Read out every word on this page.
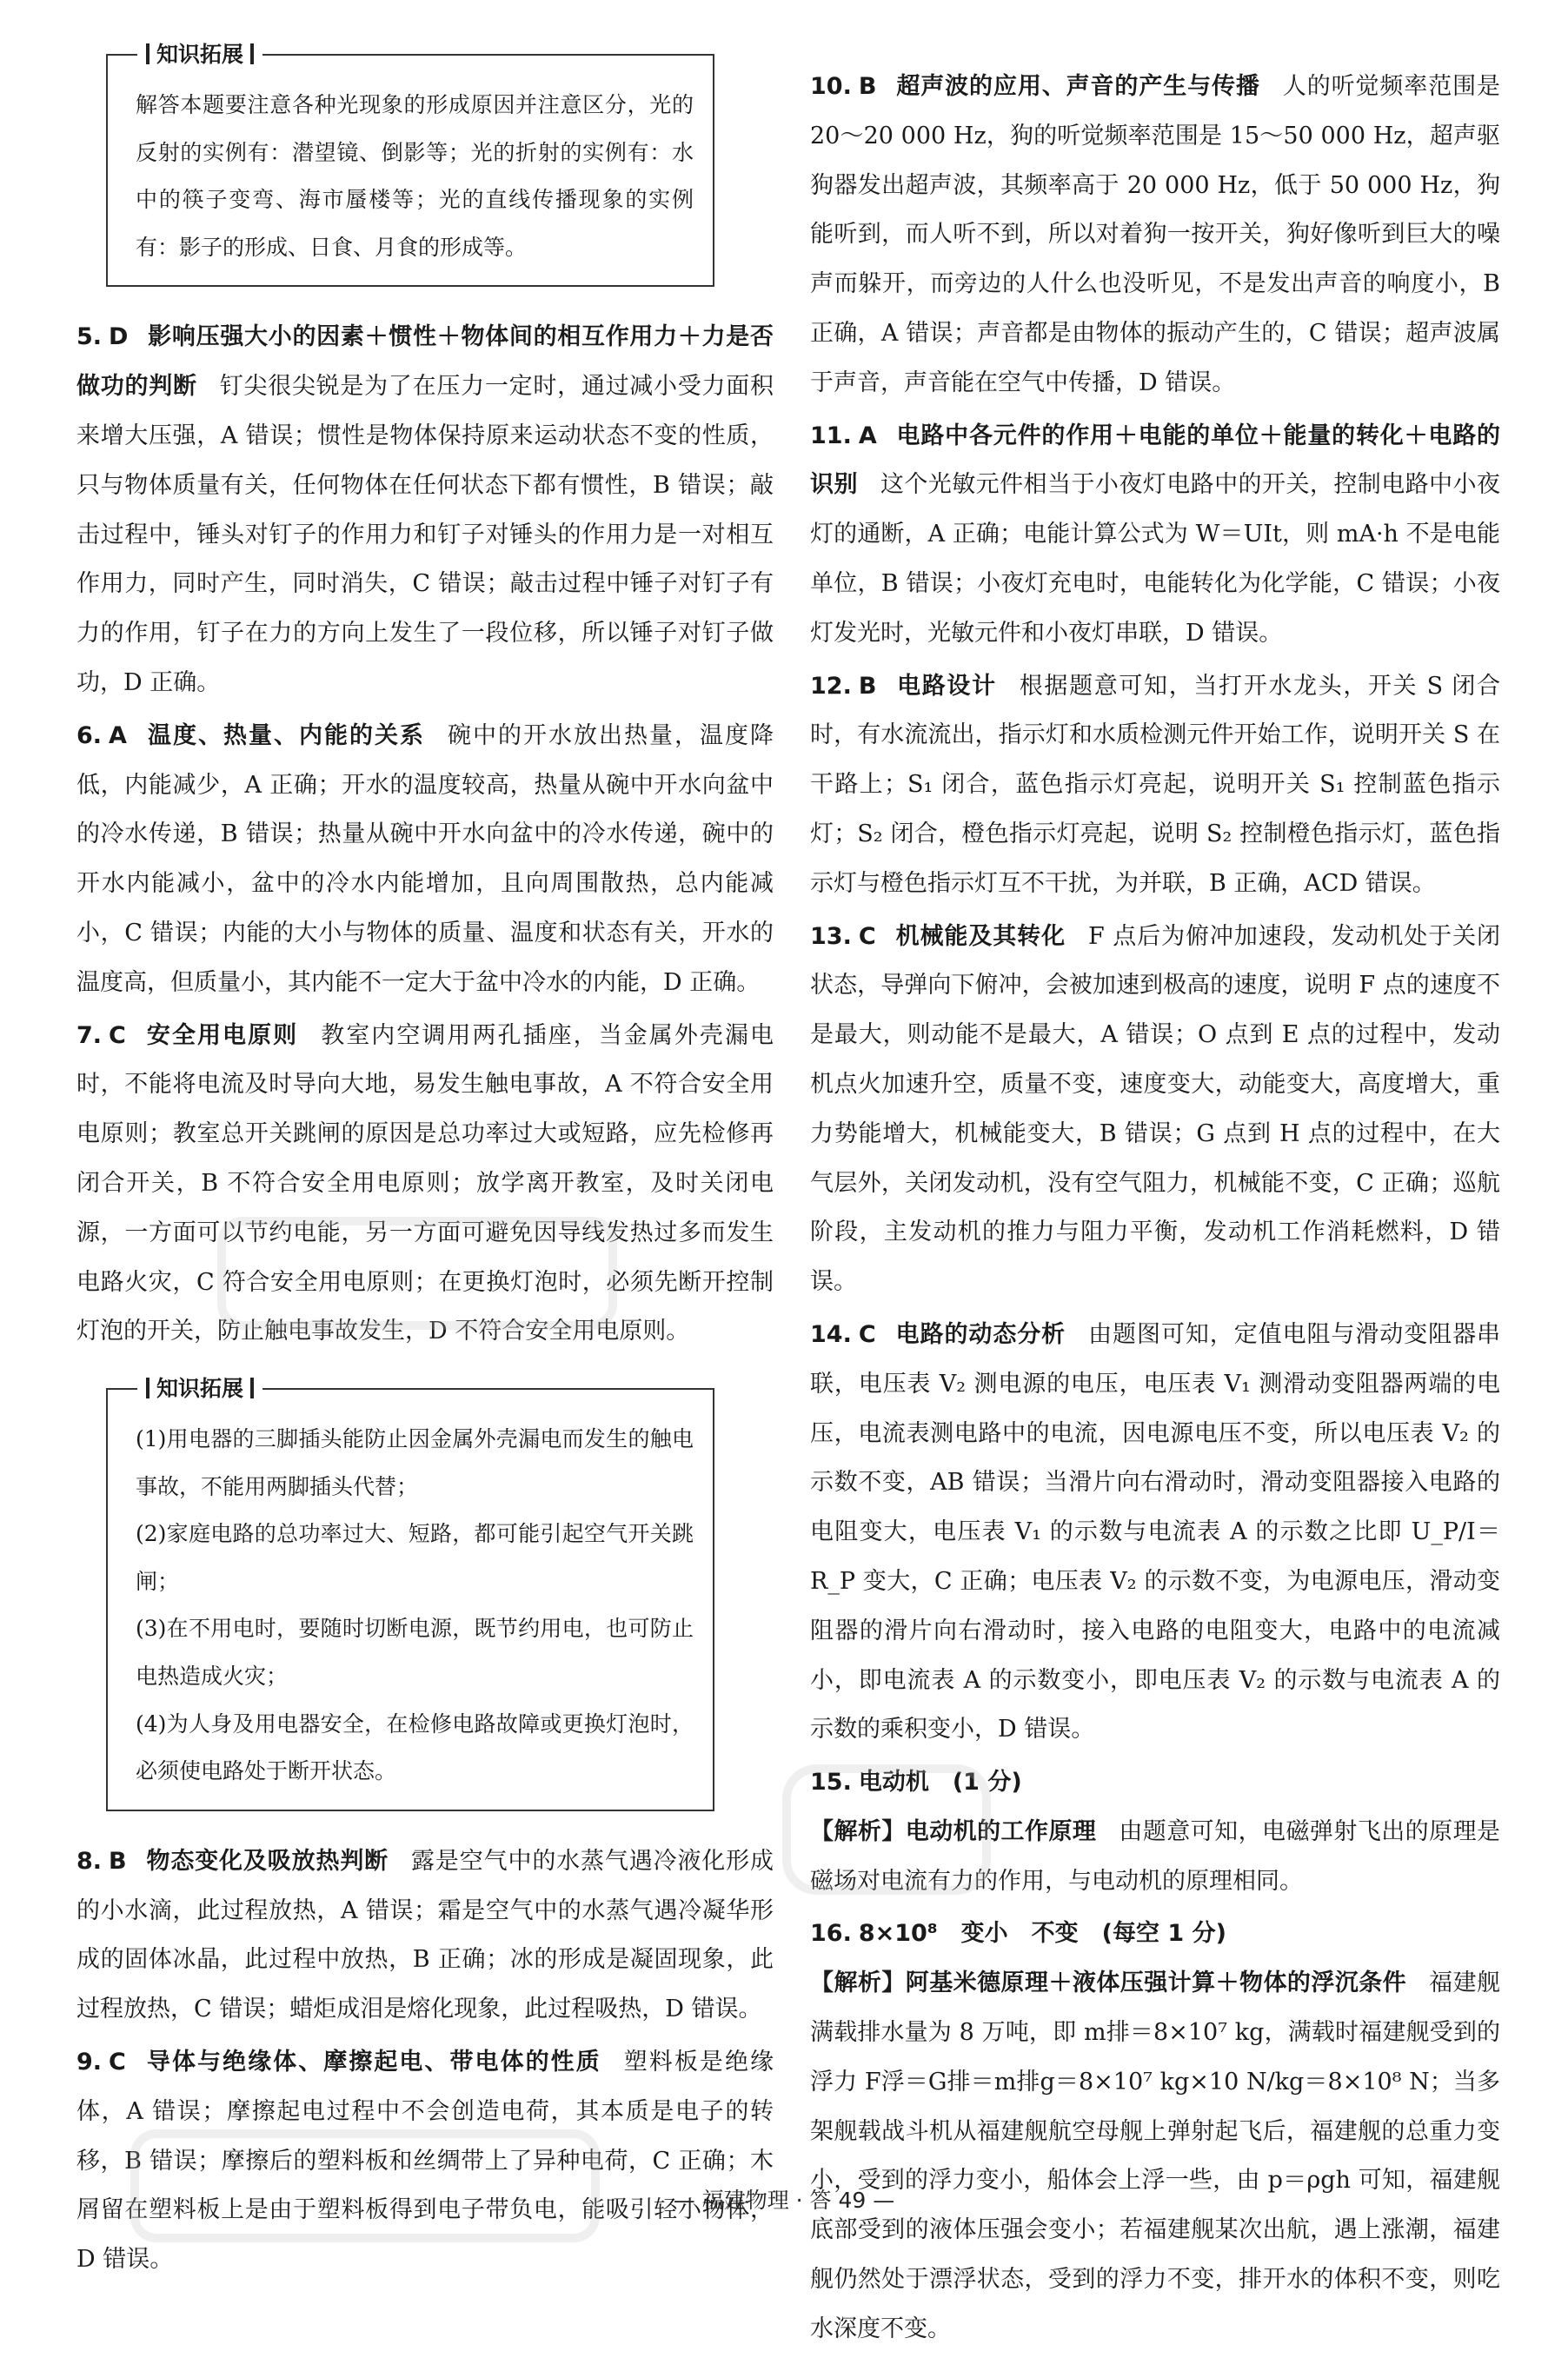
知识拓展

解答本题要注意各种光现象的形成原因并注意区分，光的反射的实例有：潜望镜、倒影等；光的折射的实例有：水中的筷子变弯、海市蜃楼等；光的直线传播现象的实例有：影子的形成、日食、月食的形成等。

5. D 影响压强大小的因素＋惯性＋物体间的相互作用力＋力是否做功的判断 钉尖很尖锐是为了在压力一定时，通过减小受力面积来增大压强，A 错误；惯性是物体保持原来运动状态不变的性质，只与物体质量有关，任何物体在任何状态下都有惯性，B 错误；敲击过程中，锤头对钉子的作用力和钉子对锤头的作用力是一对相互作用力，同时产生，同时消失，C 错误；敲击过程中锤子对钉子有力的作用，钉子在力的方向上发生了一段位移，所以锤子对钉子做功，D 正确。
6. A 温度、热量、内能的关系 碗中的开水放出热量，温度降低，内能减少，A 正确；开水的温度较高，热量从碗中开水向盆中的冷水传递，B 错误；热量从碗中开水向盆中的冷水传递，碗中的开水内能减小，盆中的冷水内能增加，且向周围散热，总内能减小，C 错误；内能的大小与物体的质量、温度和状态有关，开水的温度高，但质量小，其内能不一定大于盆中冷水的内能，D 正确。
7. C 安全用电原则 教室内空调用两孔插座，当金属外壳漏电时，不能将电流及时导向大地，易发生触电事故，A 不符合安全用电原则；教室总开关跳闸的原因是总功率过大或短路，应先检修再闭合开关，B 不符合安全用电原则；放学离开教室，及时关闭电源，一方面可以节约电能，另一方面可避免因导线发热过多而发生电路火灾，C 符合安全用电原则；在更换灯泡时，必须先断开控制灯泡的开关，防止触电事故发生，D 不符合安全用电原则。
知识拓展

(1)用电器的三脚插头能防止因金属外壳漏电而发生的触电事故，不能用两脚插头代替；

(2)家庭电路的总功率过大、短路，都可能引起空气开关跳闸；

(3)在不用电时，要随时切断电源，既节约用电，也可防止电热造成火灾；

(4)为人身及用电器安全，在检修电路故障或更换灯泡时，必须使电路处于断开状态。

8. B 物态变化及吸放热判断 露是空气中的水蒸气遇冷液化形成的小水滴，此过程放热，A 错误；霜是空气中的水蒸气遇冷凝华形成的固体冰晶，此过程中放热，B 正确；冰的形成是凝固现象，此过程放热，C 错误；蜡炬成泪是熔化现象，此过程吸热，D 错误。
9. C 导体与绝缘体、摩擦起电、带电体的性质 塑料板是绝缘体，A 错误；摩擦起电过程中不会创造电荷，其本质是电子的转移，B 错误；摩擦后的塑料板和丝绸带上了异种电荷，C 正确；木屑留在塑料板上是由于塑料板得到电子带负电，能吸引轻小物体，D 错误。
10. B 超声波的应用、声音的产生与传播 人的听觉频率范围是 20～20 000 Hz，狗的听觉频率范围是 15～50 000 Hz，超声驱狗器发出超声波，其频率高于 20 000 Hz，低于 50 000 Hz，狗能听到，而人听不到，所以对着狗一按开关，狗好像听到巨大的噪声而躲开，而旁边的人什么也没听见，不是发出声音的响度小，B 正确，A 错误；声音都是由物体的振动产生的，C 错误；超声波属于声音，声音能在空气中传播，D 错误。
11. A 电路中各元件的作用＋电能的单位＋能量的转化＋电路的识别 这个光敏元件相当于小夜灯电路中的开关，控制电路中小夜灯的通断，A 正确；电能计算公式为 W＝UIt，则 mA·h 不是电能单位，B 错误；小夜灯充电时，电能转化为化学能，C 错误；小夜灯发光时，光敏元件和小夜灯串联，D 错误。
12. B 电路设计 根据题意可知，当打开水龙头，开关 S 闭合时，有水流流出，指示灯和水质检测元件开始工作，说明开关 S 在干路上；S₁ 闭合，蓝色指示灯亮起，说明开关 S₁ 控制蓝色指示灯；S₂ 闭合，橙色指示灯亮起，说明 S₂ 控制橙色指示灯，蓝色指示灯与橙色指示灯互不干扰，为并联，B 正确，ACD 错误。
13. C 机械能及其转化 F 点后为俯冲加速段，发动机处于关闭状态，导弹向下俯冲，会被加速到极高的速度，说明 F 点的速度不是最大，则动能不是最大，A 错误；O 点到 E 点的过程中，发动机点火加速升空，质量不变，速度变大，动能变大，高度增大，重力势能增大，机械能变大，B 错误；G 点到 H 点的过程中，在大气层外，关闭发动机，没有空气阻力，机械能不变，C 正确；巡航阶段，主发动机的推力与阻力平衡，发动机工作消耗燃料，D 错误。
14. C 电路的动态分析 由题图可知，定值电阻与滑动变阻器串联，电压表 V₂ 测电源的电压，电压表 V₁ 测滑动变阻器两端的电压，电流表测电路中的电流，因电源电压不变，所以电压表 V₂ 的示数不变，AB 错误；当滑片向右滑动时，滑动变阻器接入电路的电阻变大，电压表 V₁ 的示数与电流表 A 的示数之比即 U_P/I＝R_P 变大，C 正确；电压表 V₂ 的示数不变，为电源电压，滑动变阻器的滑片向右滑动时，接入电路的电阻变大，电路中的电流减小，即电流表 A 的示数变小，即电压表 V₂ 的示数与电流表 A 的示数的乘积变小，D 错误。
15. 电动机　(1 分)
【解析】电动机的工作原理 由题意可知，电磁弹射飞出的原理是磁场对电流有力的作用，与电动机的原理相同。
16. 8×10⁸　变小　不变　(每空 1 分)
【解析】阿基米德原理＋液体压强计算＋物体的浮沉条件 福建舰满载排水量为 8 万吨，即 m排＝8×10⁷ kg，满载时福建舰受到的浮力 F浮＝G排＝m排g＝8×10⁷ kg×10 N/kg＝8×10⁸ N；当多架舰载战斗机从福建舰航空母舰上弹射起飞后，福建舰的总重力变小，受到的浮力变小，船体会上浮一些，由 p＝ρgh 可知，福建舰底部受到的液体压强会变小；若福建舰某次出航，遇上涨潮，福建舰仍然处于漂浮状态，受到的浮力不变，排开水的体积不变，则吃水深度不变。
— 福建物理 · 答 49 —
